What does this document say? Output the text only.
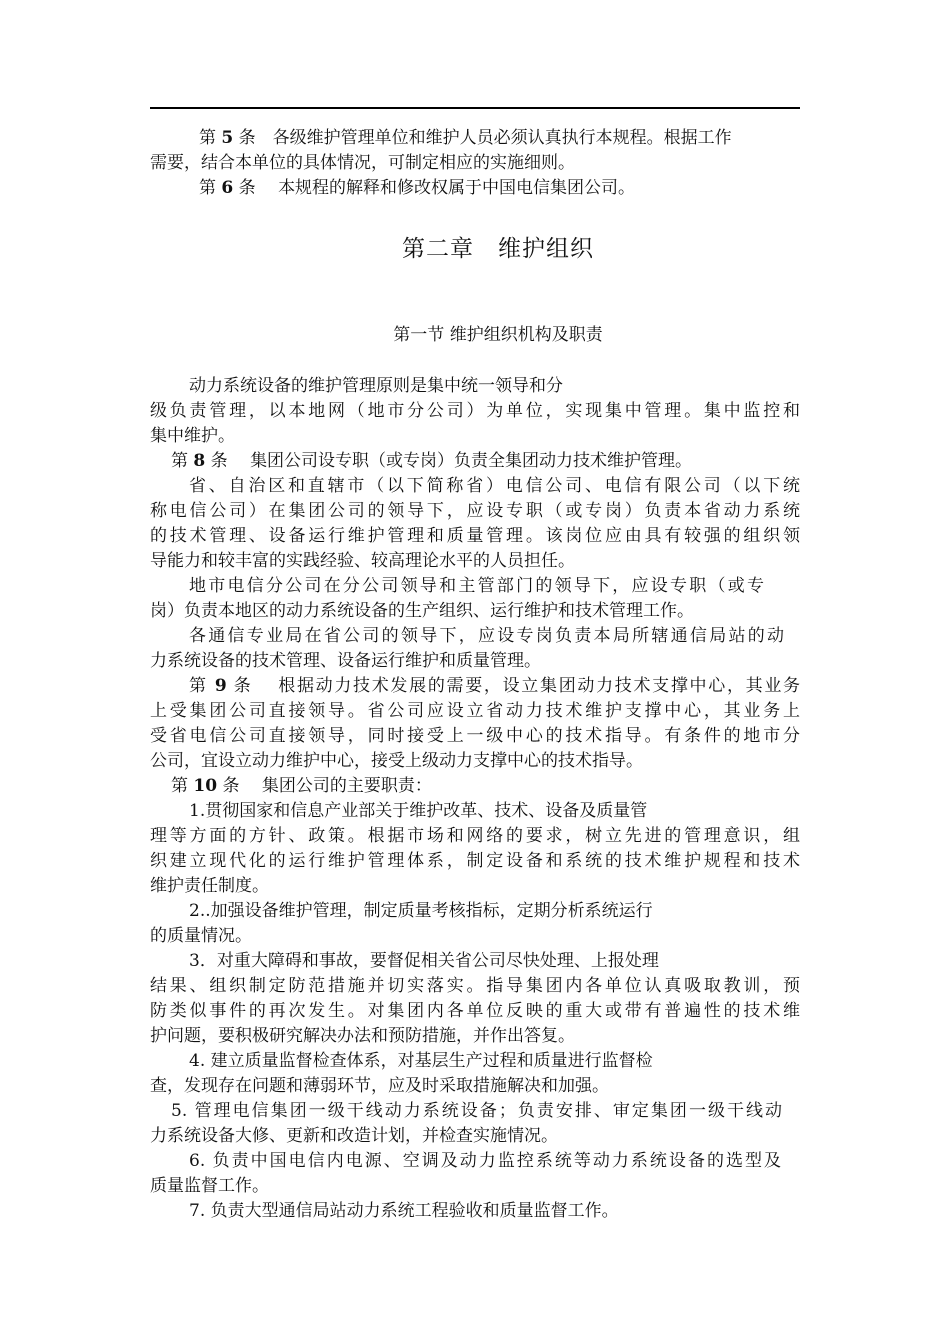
第 5 条　 各级维护管理单位和维护人员必须认真执行本规程。根据工作
需要，结合本单位的具体情况，可制定相应的实施细则。
第 6 条　 本规程的解释和修改权属于中国电信集团公司。
第二章　维护组织
第一节 维护组织机构及职责
动力系统设备的维护管理原则是集中统一领导和分
级负责管理，以本地网（地市分公司）为单位，实现集中管理。集中监控和
集中维护。
第 8 条　 集团公司设专职（或专岗）负责全集团动力技术维护管理。
省、自治区和直辖市（以下简称省）电信公司、电信有限公司（以下统
称电信公司）在集团公司的领导下，应设专职（或专岗）负责本省动力系统
的技术管理、设备运行维护管理和质量管理。该岗位应由具有较强的组织领
导能力和较丰富的实践经验、较高理论水平的人员担任。
地市电信分公司在分公司领导和主管部门的领导下，应设专职（或专
岗）负责本地区的动力系统设备的生产组织、运行维护和技术管理工作。
各通信专业局在省公司的领导下，应设专岗负责本局所辖通信局站的动
力系统设备的技术管理、设备运行维护和质量管理。
第 9 条　 根据动力技术发展的需要，设立集团动力技术支撑中心，其业务
上受集团公司直接领导。省公司应设立省动力技术维护支撑中心，其业务上
受省电信公司直接领导，同时接受上一级中心的技术指导。有条件的地市分
公司，宜设立动力维护中心，接受上级动力支撑中心的技术指导。
第 10 条　 集团公司的主要职责：
1.贯彻国家和信息产业部关于维护改革、技术、设备及质量管
理等方面的方针、政策。根据市场和网络的要求，树立先进的管理意识，组
织建立现代化的运行维护管理体系，制定设备和系统的技术维护规程和技术
维护责任制度。
2..加强设备维护管理，制定质量考核指标，定期分析系统运行
的质量情况。
3．对重大障碍和事故，要督促相关省公司尽快处理、上报处理
结果、组织制定防范措施并切实落实。指导集团内各单位认真吸取教训，预
防类似事件的再次发生。对集团内各单位反映的重大或带有普遍性的技术维
护问题，要积极研究解决办法和预防措施，并作出答复。
4. 建立质量监督检查体系，对基层生产过程和质量进行监督检
查，发现存在问题和薄弱环节，应及时采取措施解决和加强。
5. 管理电信集团一级干线动力系统设备；负责安排、审定集团一级干线动
力系统设备大修、更新和改造计划，并检查实施情况。
6. 负责中国电信内电源、空调及动力监控系统等动力系统设备的选型及
质量监督工作。
7. 负责大型通信局站动力系统工程验收和质量监督工作。
